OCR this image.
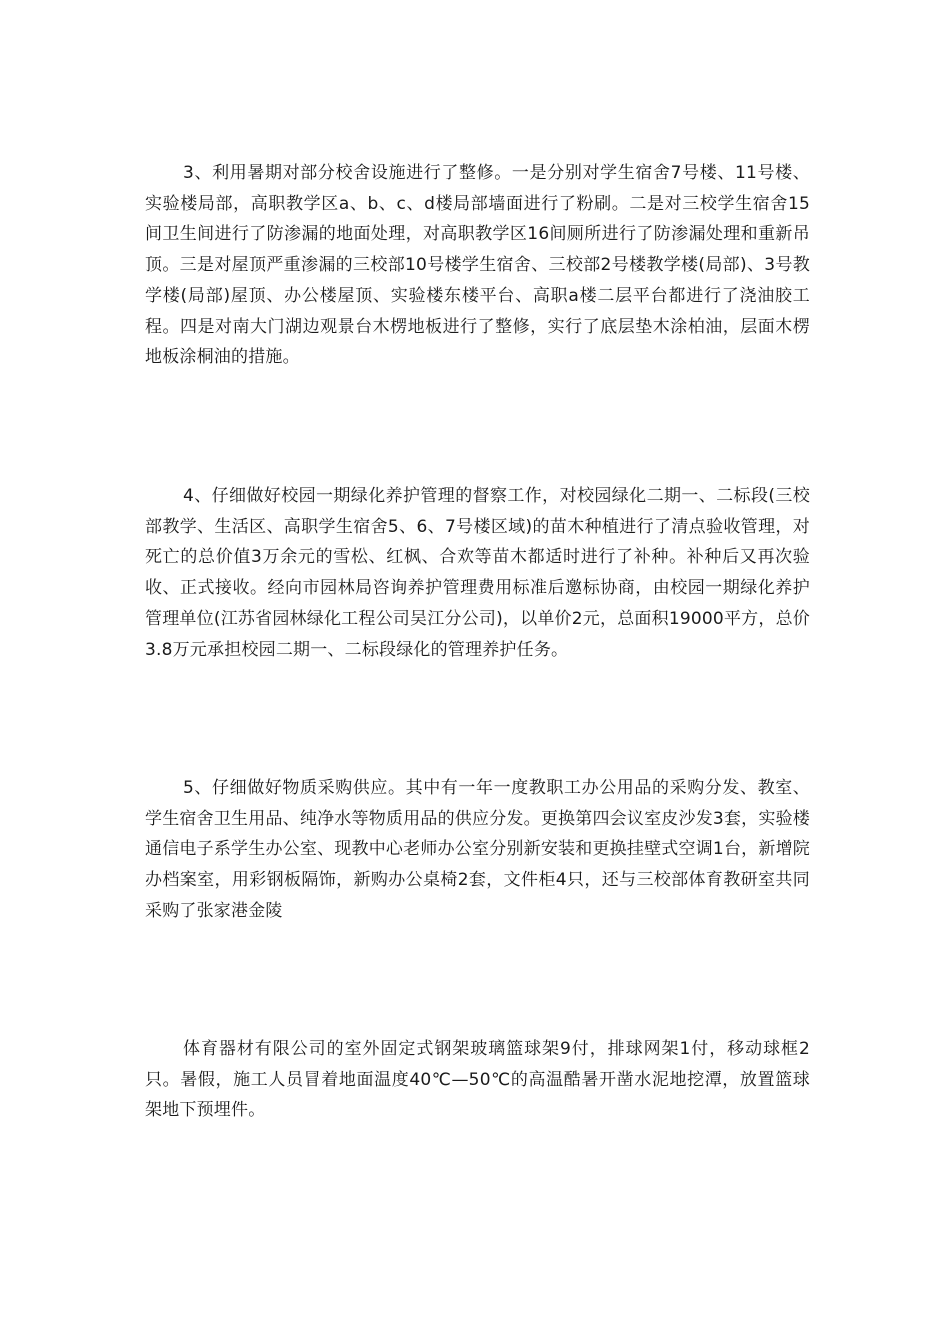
3、利用暑期对部分校舍设施进行了整修。一是分别对学生宿舍7号楼、11号楼、实验楼局部，高职教学区a、b、c、d楼局部墙面进行了粉刷。二是对三校学生宿舍15间卫生间进行了防渗漏的地面处理，对高职教学区16间厕所进行了防渗漏处理和重新吊顶。三是对屋顶严重渗漏的三校部10号楼学生宿舍、三校部2号楼教学楼(局部)、3号教学楼(局部)屋顶、办公楼屋顶、实验楼东楼平台、高职a楼二层平台都进行了浇油胶工程。四是对南大门湖边观景台木楞地板进行了整修，实行了底层垫木涂柏油，层面木楞地板涂桐油的措施。

4、仔细做好校园一期绿化养护管理的督察工作，对校园绿化二期一、二标段(三校部教学、生活区、高职学生宿舍5、6、7号楼区域)的苗木种植进行了清点验收管理，对死亡的总价值3万余元的雪松、红枫、合欢等苗木都适时进行了补种。补种后又再次验收、正式接收。经向市园林局咨询养护管理费用标准后邀标协商，由校园一期绿化养护管理单位(江苏省园林绿化工程公司吴江分公司)，以单价2元，总面积19000平方，总价3.8万元承担校园二期一、二标段绿化的管理养护任务。

5、仔细做好物质采购供应。其中有一年一度教职工办公用品的采购分发、教室、学生宿舍卫生用品、纯净水等物质用品的供应分发。更换第四会议室皮沙发3套，实验楼通信电子系学生办公室、现教中心老师办公室分别新安装和更换挂壁式空调1台，新增院办档案室，用彩钢板隔饰，新购办公桌椅2套，文件柜4只，还与三校部体育教研室共同采购了张家港金陵

体育器材有限公司的室外固定式钢架玻璃篮球架9付，排球网架1付，移动球框2只。暑假，施工人员冒着地面温度40℃—50℃的高温酷暑开凿水泥地挖潭，放置篮球架地下预埋件。
